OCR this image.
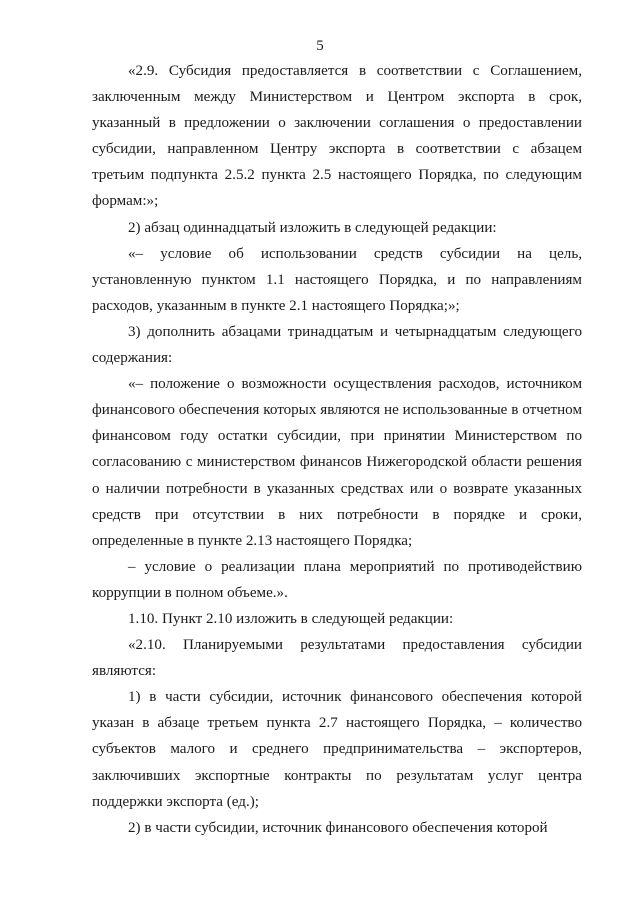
5

«2.9. Субсидия предоставляется в соответствии с Соглашением, заключенным между Министерством и Центром экспорта в срок, указанный в предложении о заключении соглашения о предоставлении субсидии, направленном Центру экспорта в соответствии с абзацем третьим подпункта 2.5.2 пункта 2.5 настоящего Порядка, по следующим формам:»;

2) абзац одиннадцатый изложить в следующей редакции:

«– условие об использовании средств субсидии на цель, установленную пунктом 1.1 настоящего Порядка, и по направлениям расходов, указанным в пункте 2.1 настоящего Порядка;»;

3) дополнить абзацами тринадцатым и четырнадцатым следующего содержания:

«– положение о возможности осуществления расходов, источником финансового обеспечения которых являются не использованные в отчетном финансовом году остатки субсидии, при принятии Министерством по согласованию с министерством финансов Нижегородской области решения о наличии потребности в указанных средствах или о возврате указанных средств при отсутствии в них потребности в порядке и сроки, определенные в пункте 2.13 настоящего Порядка;

– условие о реализации плана мероприятий по противодействию коррупции в полном объеме.».

1.10. Пункт 2.10 изложить в следующей редакции:

«2.10. Планируемыми результатами предоставления субсидии являются:

1) в части субсидии, источник финансового обеспечения которой указан в абзаце третьем пункта 2.7 настоящего Порядка, – количество субъектов малого и среднего предпринимательства – экспортеров, заключивших экспортные контракты по результатам услуг центра поддержки экспорта (ед.);

2) в части субсидии, источник финансового обеспечения которой
